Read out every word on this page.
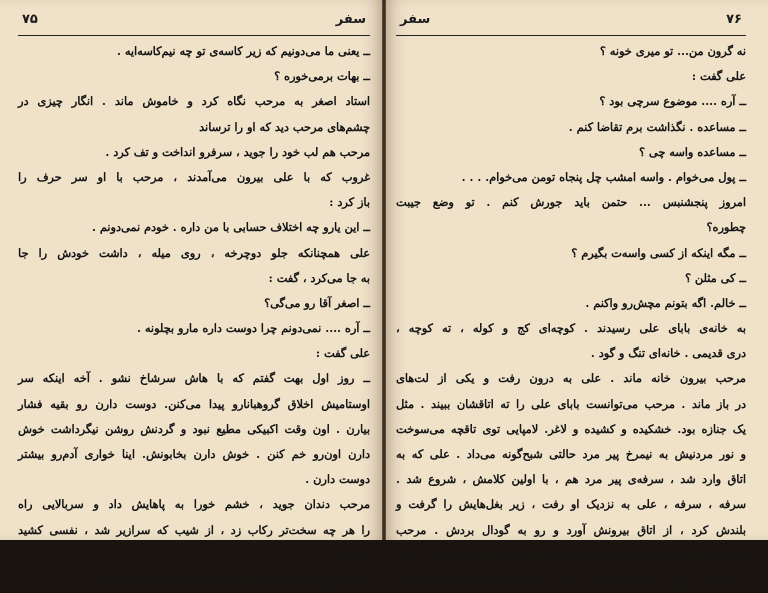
۷۵	سفر
ــ یعنی ما می‌دونیم که زیر کاسه‌ی تو چه نیم‌کاسه‌ایه .
ــ بهات برمی‌خوره ؟
استاد اصغر به مرحب نگاه کرد و خاموش ماند . انگار چیزی در
چشم‌های مرحب دید که او را ترساند
مرحب هم لب خود را جوید ، سرفرو انداخت و تف کرد .
غروب که با علی بیرون می‌آمدند ، مرحب با او سر حرف را
باز کرد :
ــ این یارو چه اختلاف حسابی با من داره . خودم نمی‌دونم .
علی همچنانکه جلو دوچرخه ، روی میله ، داشت خودش را جا
به جا می‌کرد ، گفت :
ــ اصغر آقا رو می‌گی؟
ــ آره .... نمی‌دونم چرا دوست داره مارو بچلونه .
علی گفت :
ــ روز اول بهت گفتم که با هاش سرشاخ نشو . آخه اینکه سر
اوستامیش اخلاق گروهبانارو پیدا می‌کنن. دوست دارن رو بقیه فشار
بیارن . اون وقت اکبیکی مطیع نبود و گردنش روشن نیگرداشت خوش
دارن اون‌رو خم کنن . خوش دارن بخابونش. اینا خواری آدم‌رو بیشتر
دوست دارن .
مرحب دندان جوید ، خشم خورا به پاهایش داد و سربالایی راه
را هر چه سخت‌تر رکاب زد ، از شیب که سرازیر شد ، نفسی کشید
و گفت :
ــ اما ارواح ننش . او چیزی رو که باید خم کنه کمر خودشه .
سفر	۷۶
نه گرون من... تو میری خونه ؟
علی گفت :
ــ آره .... موضوع سرچی بود ؟
ــ مساعده . نگذاشت برم تقاضا کنم .
ــ مساعده واسه چی ؟
ــ پول می‌خوام . واسه امشب چل پنجاه تومن می‌خوام. . . .
امروز پنجشنبس ... حتمن باید جورش کنم . تو وضع جیبت
چطوره؟
ــ مگه اینکه از کسی واسه‌ت بگیرم ؟
ــ کی مثلن ؟
ــ خالم. اگه بتونم مچش‌رو واکنم .
به خانه‌ی بابای علی رسیدند . کوچه‌ای کج و کوله ، ته کوچه ،
دری قدیمی . خانه‌ای تنگ و گود .
مرحب بیرون خانه ماند . علی به درون رفت و یکی از لت‌های
در باز ماند . مرحب می‌توانست بابای علی را ته اتاقشان ببیند . مثل
یک جنازه بود. خشکیده و کشیده و لاغر. لامپایی توی تاقچه می‌سوخت
و نور مردنیش به نیمرخ پیر مرد حالتی شبح‌گونه می‌داد . علی که به
اتاق وارد شد ، سرفه‌ی پیر مرد هم ، با اولین کلامش ، شروع شد .
سرفه ، سرفه ، علی به نزدیک او رفت ، زیر بغل‌هایش را گرفت و
بلندش کرد ، از اتاق بیرونش آورد و رو به گودال بردش . مرحب
رویش را برگرداند و سر دوچرخه را گرداند و رو به در کوچه رفت و آنجا،
در سوک دیوار ، منتظر ایستاد . همین دم خاله‌ی علی از دور آمد .
